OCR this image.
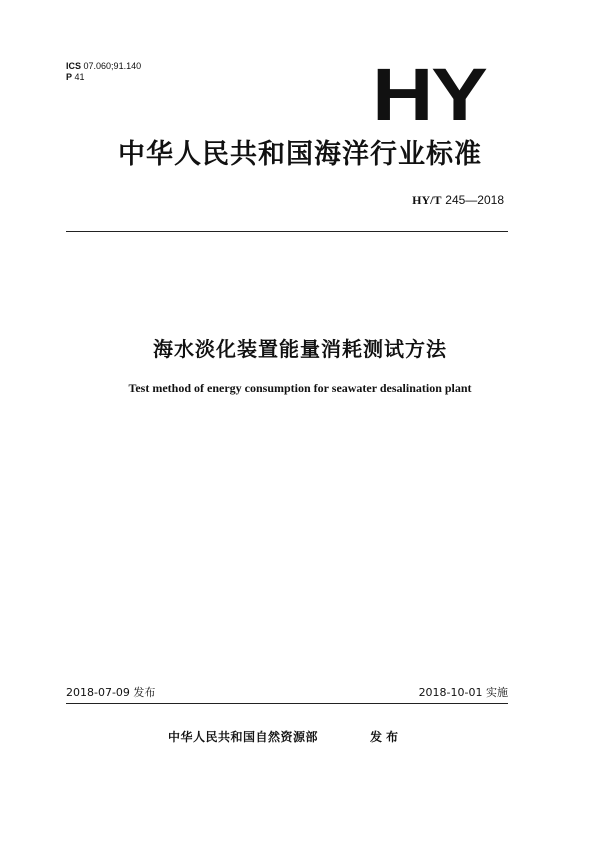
ICS 07.060;91.140
P 41	HY
中华人民共和国海洋行业标准
HY/T 245—2018
海水淡化装置能量消耗测试方法
Test method of energy consumption for seawater desalination plant
2018-07-09 发布	2018-10-01 实施
中华人民共和国自然资源部	发布
